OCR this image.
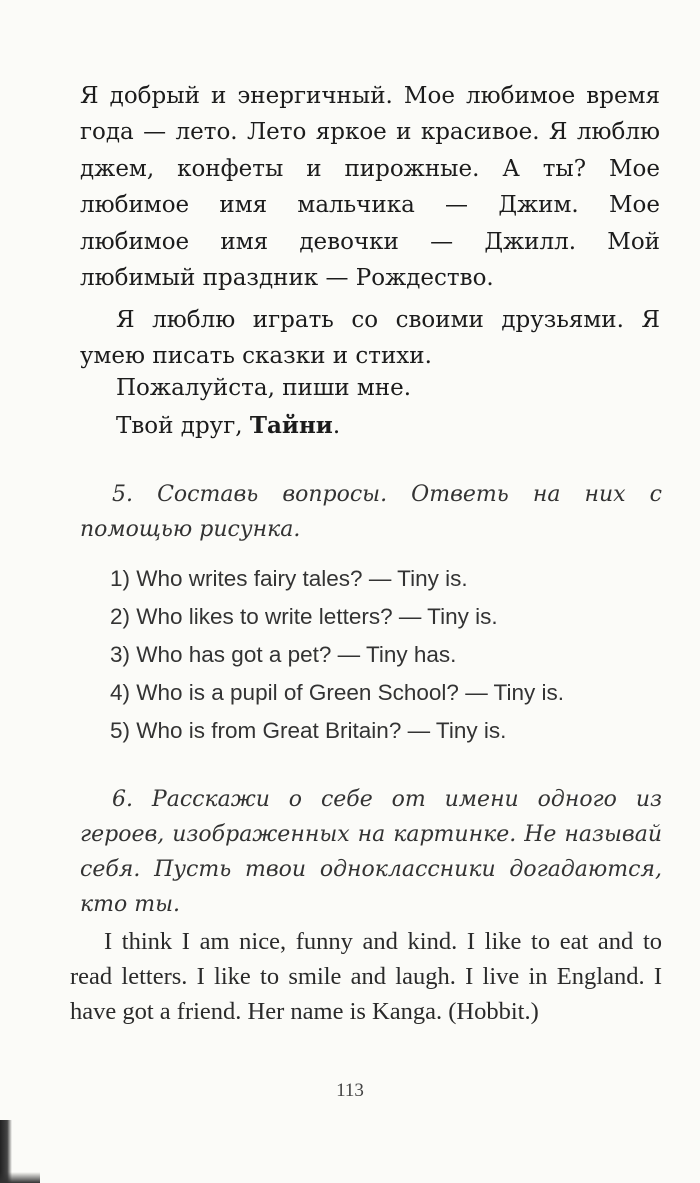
Я добрый и энергичный. Мое любимое время года — лето. Лето яркое и красивое. Я люблю джем, конфеты и пирожные. А ты? Мое любимое имя мальчика — Джим. Мое любимое имя девочки — Джилл. Мой любимый праздник — Рождество.

Я люблю играть со своими друзьями. Я умею писать сказки и стихи.

Пожалуйста, пиши мне.

Твой друг, Тайни.

5. Составь вопросы. Ответь на них с помощью рисунка.

1) Who writes fairy tales? — Tiny is.
2) Who likes to write letters? — Tiny is.
3) Who has got a pet? — Tiny has.
4) Who is a pupil of Green School? — Tiny is.
5) Who is from Great Britain? — Tiny is.

6. Расскажи о себе от имени одного из героев, изображенных на картинке. Не называй себя. Пусть твои одноклассники догадаются, кто ты.

I think I am nice, funny and kind. I like to eat and to read letters. I like to smile and laugh. I live in England. I have got a friend. Her name is Kanga. (Hobbit.)

113
